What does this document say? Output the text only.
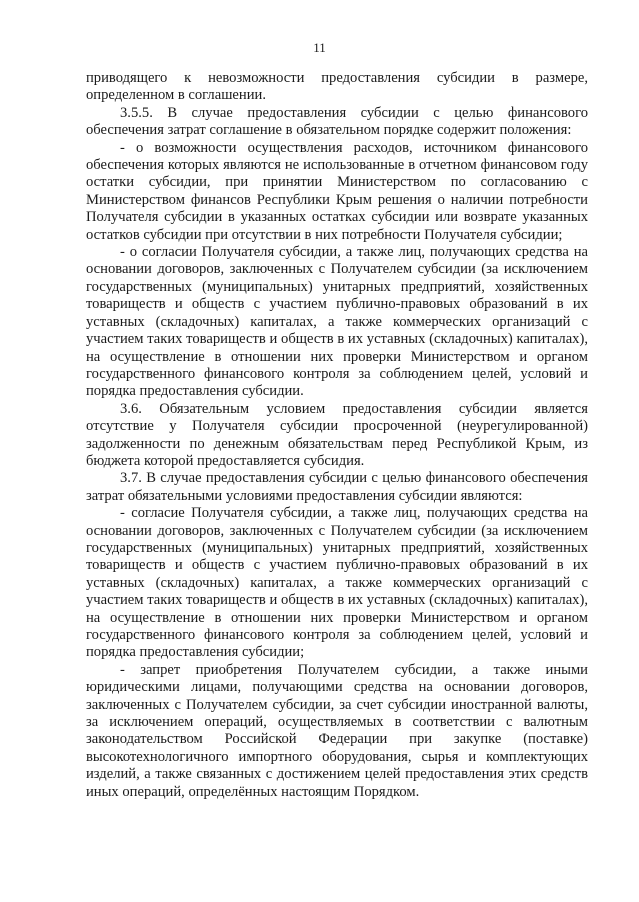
11

приводящего к невозможности предоставления субсидии в размере, определенном в соглашении.

3.5.5. В случае предоставления субсидии с целью финансового обеспечения затрат соглашение в обязательном порядке содержит положения:

- о возможности осуществления расходов, источником финансового обеспечения которых являются не использованные в отчетном финансовом году остатки субсидии, при принятии Министерством по согласованию с Министерством финансов Республики Крым решения о наличии потребности Получателя субсидии в указанных остатках субсидии или возврате указанных остатков субсидии при отсутствии в них потребности Получателя субсидии;

- о согласии Получателя субсидии, а также лиц, получающих средства на основании договоров, заключенных с Получателем субсидии (за исключением государственных (муниципальных) унитарных предприятий, хозяйственных товариществ и обществ с участием публично-правовых образований в их уставных (складочных) капиталах, а также коммерческих организаций с участием таких товариществ и обществ в их уставных (складочных) капиталах), на осуществление в отношении них проверки Министерством и органом государственного финансового контроля за соблюдением целей, условий и порядка предоставления субсидии.

3.6. Обязательным условием предоставления субсидии является отсутствие у Получателя субсидии просроченной (неурегулированной) задолженности по денежным обязательствам перед Республикой Крым, из бюджета которой предоставляется субсидия.

3.7. В случае предоставления субсидии с целью финансового обеспечения затрат обязательными условиями предоставления субсидии являются:

- согласие Получателя субсидии, а также лиц, получающих средства на основании договоров, заключенных с Получателем субсидии (за исключением государственных (муниципальных) унитарных предприятий, хозяйственных товариществ и обществ с участием публично-правовых образований в их уставных (складочных) капиталах, а также коммерческих организаций с участием таких товариществ и обществ в их уставных (складочных) капиталах), на осуществление в отношении них проверки Министерством и органом государственного финансового контроля за соблюдением целей, условий и порядка предоставления субсидии;

- запрет приобретения Получателем субсидии, а также иными юридическими лицами, получающими средства на основании договоров, заключенных с Получателем субсидии, за счет субсидии иностранной валюты, за исключением операций, осуществляемых в соответствии с валютным законодательством Российской Федерации при закупке (поставке) высокотехнологичного импортного оборудования, сырья и комплектующих изделий, а также связанных с достижением целей предоставления этих средств иных операций, определённых настоящим Порядком.
